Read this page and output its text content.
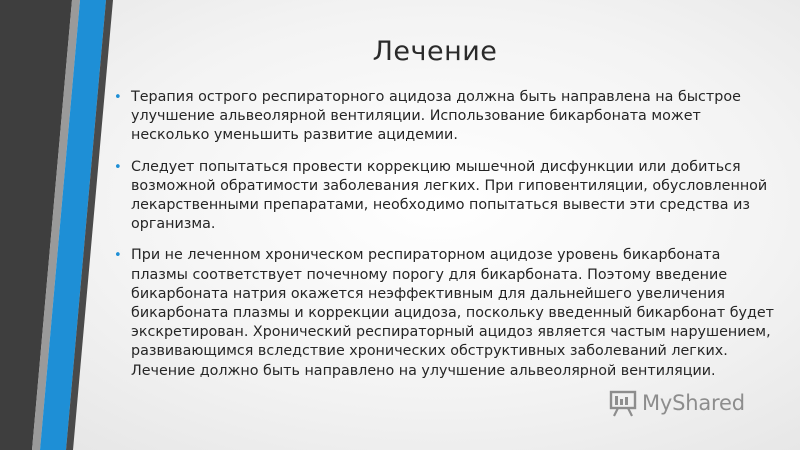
Лечение
• Терапия острого респираторного ацидоза должна быть направлена на быстрое улучшение альвеолярной вентиляции. Использование бикарбоната может несколько уменьшить развитие ацидемии.
• Следует попытаться провести коррекцию мышечной дисфункции или добиться возможной обратимости заболевания легких. При гиповентиляции, обусловленной лекарственными препаратами, необходимо попытаться вывести эти средства из организма.
• При не леченном хроническом респираторном ацидозе уровень бикарбоната плазмы соответствует почечному порогу для бикарбоната. Поэтому введение бикарбоната натрия окажется неэффективным для дальнейшего увеличения бикарбоната плазмы и коррекции ацидоза, поскольку введенный бикарбонат будет экскретирован. Хронический респираторный ацидоз является частым нарушением, развивающимся вследствие хронических обструктивных заболеваний легких. Лечение должно быть направлено на улучшение альвеолярной вентиляции.
MyShared
